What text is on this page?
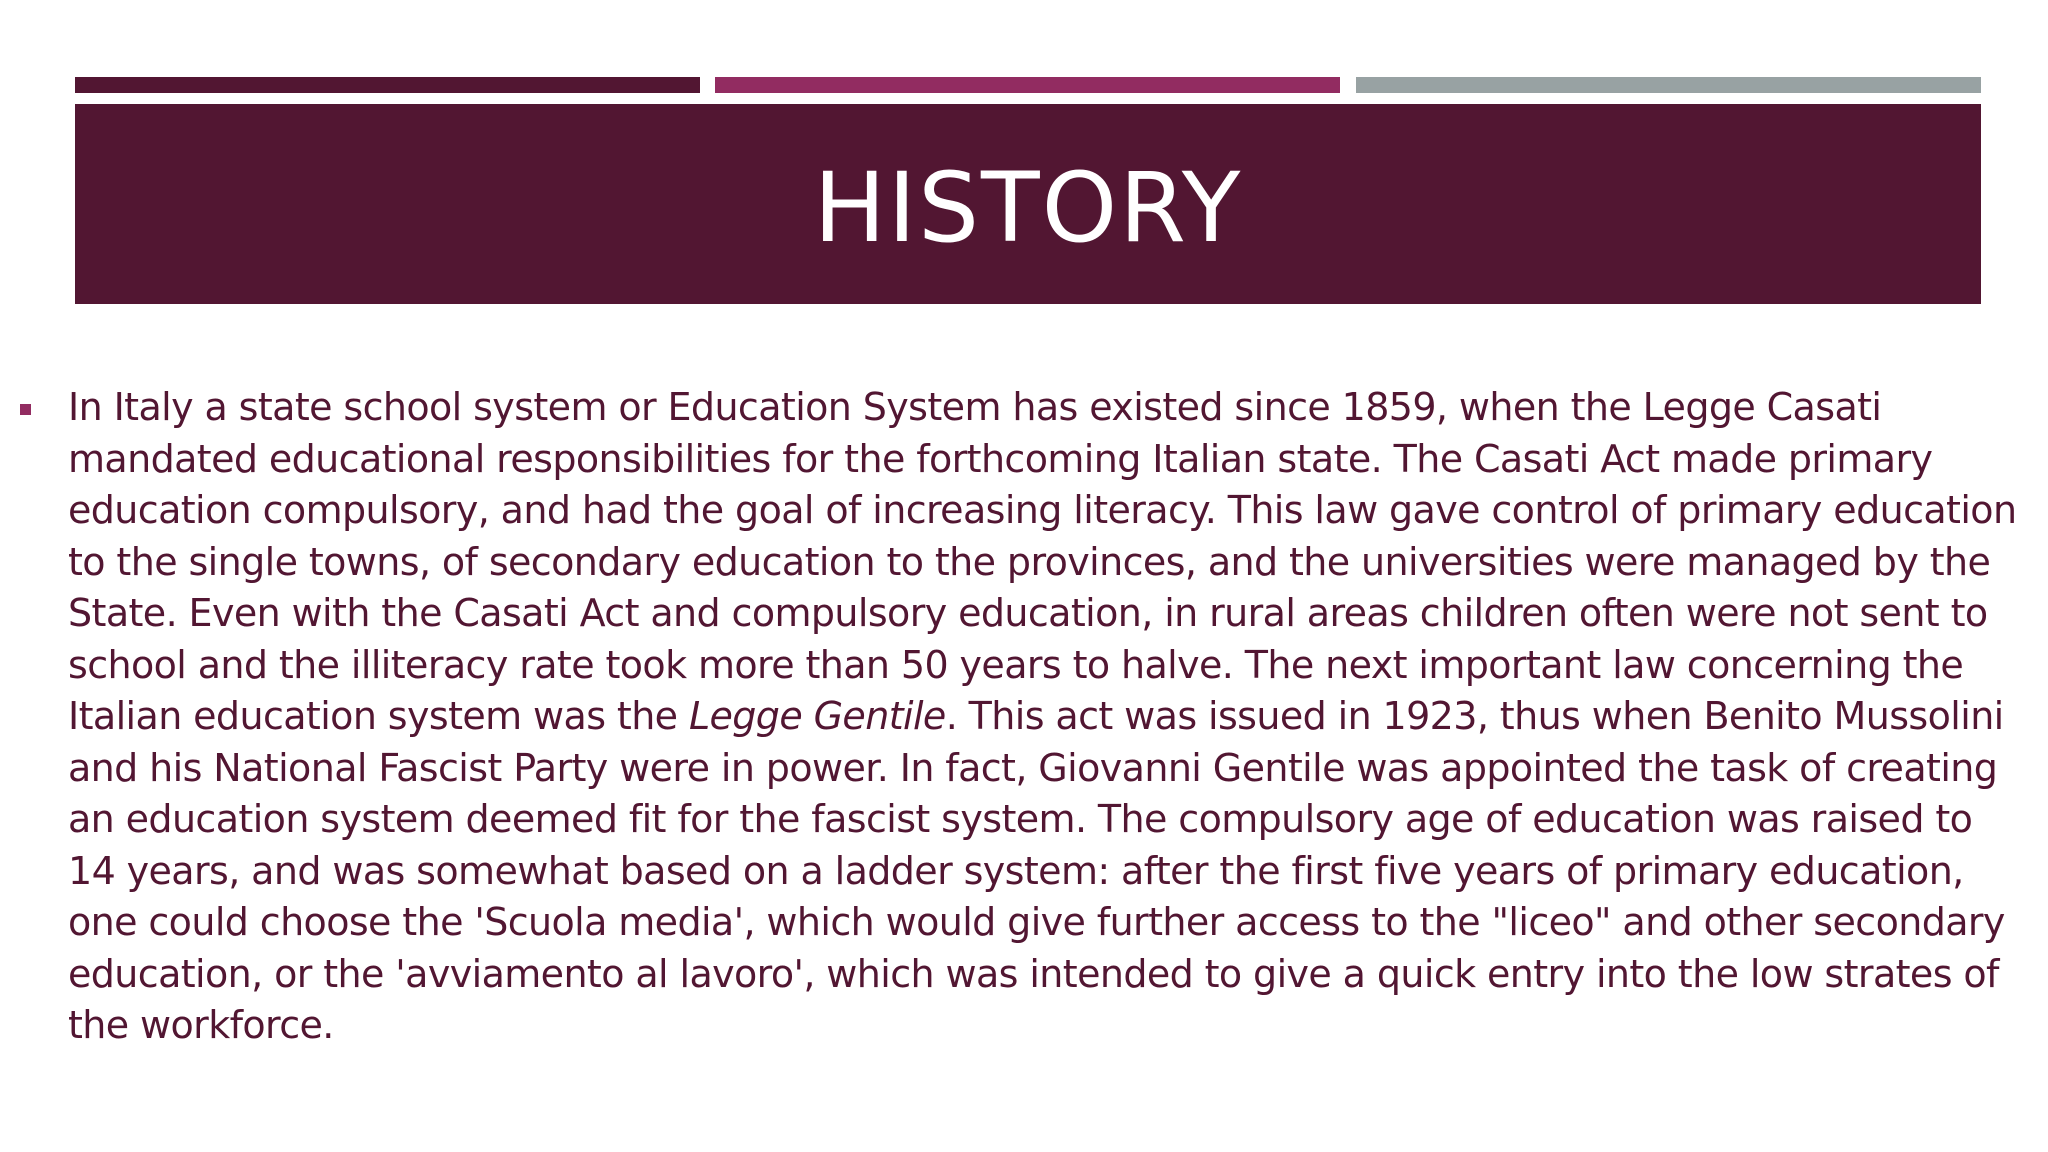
HISTORY

In Italy a state school system or Education System has existed since 1859, when the Legge Casati mandated educational responsibilities for the forthcoming Italian state. The Casati Act made primary education compulsory, and had the goal of increasing literacy. This law gave control of primary education to the single towns, of secondary education to the provinces, and the universities were managed by the State. Even with the Casati Act and compulsory education, in rural areas children often were not sent to school and the illiteracy rate took more than 50 years to halve. The next important law concerning the Italian education system was the Legge Gentile. This act was issued in 1923, thus when Benito Mussolini and his National Fascist Party were in power. In fact, Giovanni Gentile was appointed the task of creating an education system deemed fit for the fascist system. The compulsory age of education was raised to 14 years, and was somewhat based on a ladder system: after the first five years of primary education, one could choose the 'Scuola media', which would give further access to the "liceo" and other secondary education, or the 'avviamento al lavoro', which was intended to give a quick entry into the low strates of the workforce.
